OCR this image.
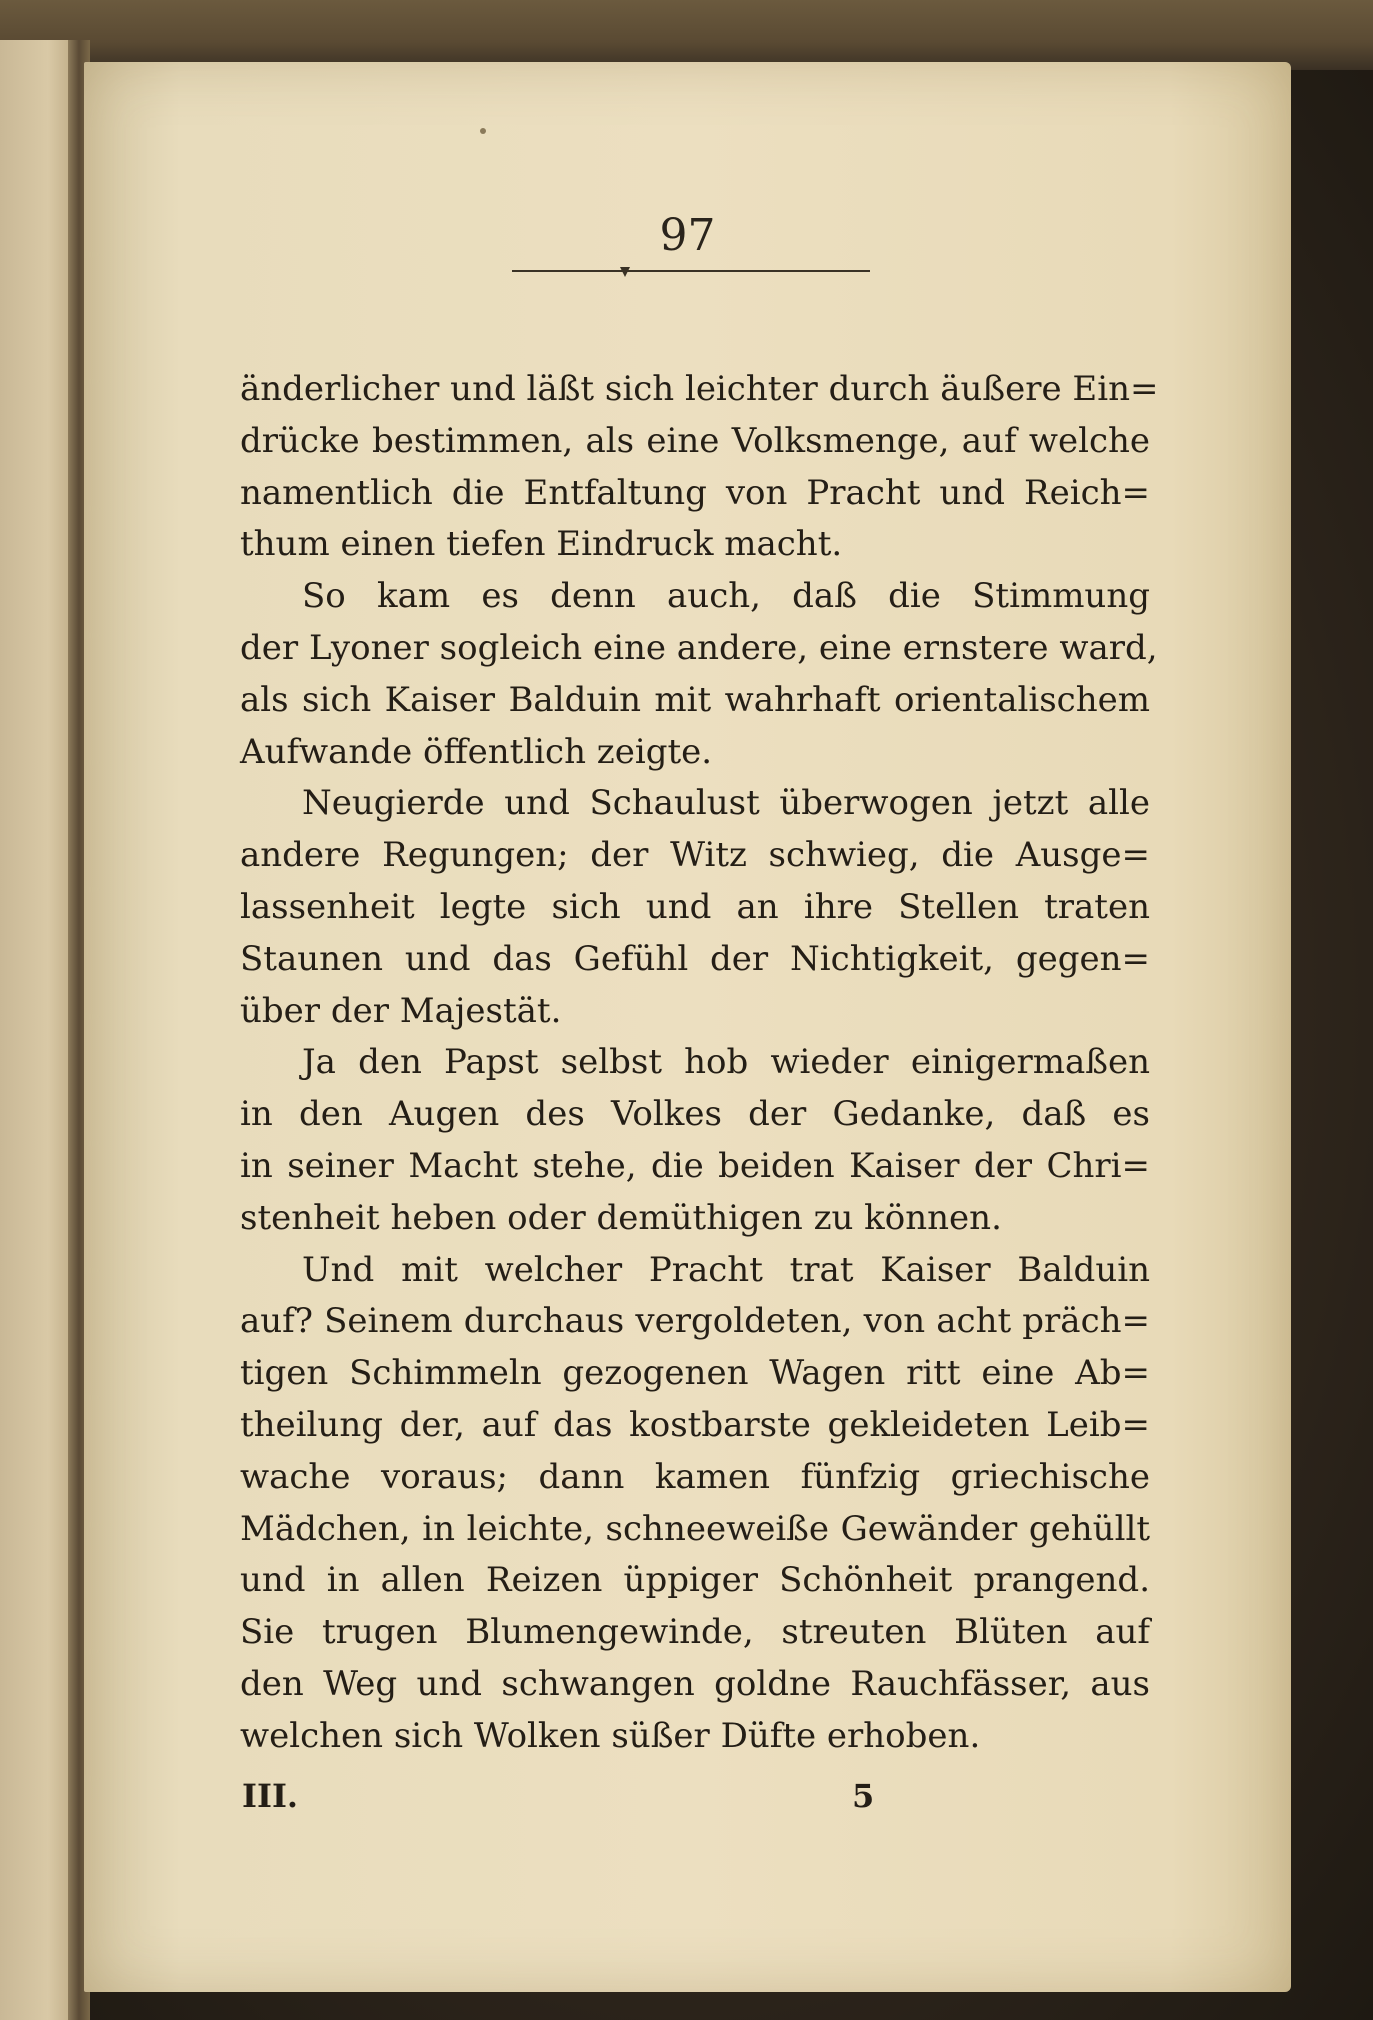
97
änderlicher und läßt sich leichter durch äußere Ein=
drücke bestimmen, als eine Volksmenge, auf welche
namentlich die Entfaltung von Pracht und Reich=
thum einen tiefen Eindruck macht.
So kam es denn auch, daß die Stimmung
der Lyoner sogleich eine andere, eine ernstere ward,
als sich Kaiser Balduin mit wahrhaft orientalischem
Aufwande öffentlich zeigte.
Neugierde und Schaulust überwogen jetzt alle
andere Regungen; der Witz schwieg, die Ausge=
lassenheit legte sich und an ihre Stellen traten
Staunen und das Gefühl der Nichtigkeit, gegen=
über der Majestät.
Ja den Papst selbst hob wieder einigermaßen
in den Augen des Volkes der Gedanke, daß es
in seiner Macht stehe, die beiden Kaiser der Chri=
stenheit heben oder demüthigen zu können.
Und mit welcher Pracht trat Kaiser Balduin
auf? Seinem durchaus vergoldeten, von acht präch=
tigen Schimmeln gezogenen Wagen ritt eine Ab=
theilung der, auf das kostbarste gekleideten Leib=
wache voraus; dann kamen fünfzig griechische
Mädchen, in leichte, schneeweiße Gewänder gehüllt
und in allen Reizen üppiger Schönheit prangend.
Sie trugen Blumengewinde, streuten Blüten auf
den Weg und schwangen goldne Rauchfässer, aus
welchen sich Wolken süßer Düfte erhoben.
III.	5
